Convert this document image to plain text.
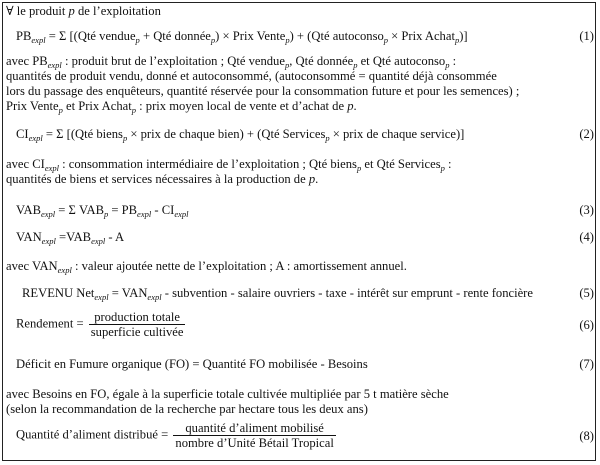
∀ le produit p de l’exploitation
$PB_{expl} = \Sigma$ [(Qté vendue$_p$ + Qté donnée$_p$) × Prix Vente$_p$) + (Qté autoconso$_p$ × Prix Achat$_p$)]	(1)
avec $PB_{expl}$ : produit brut de l’exploitation ; Qté vendue$_p$, Qté donnée$_p$ et Qté autoconso$_p$ :
quantités de produit vendu, donné et autoconsommé, (autoconsommé = quantité déjà consommée
lors du passage des enquêteurs, quantité réservée pour la consommation future et pour les semences) ;
Prix Vente$_p$ et Prix Achat$_p$ : prix moyen local de vente et d’achat de p.
$CI_{expl} = \Sigma$ [(Qté biens$_p$ × prix de chaque bien) + (Qté Services$_p$ × prix de chaque service)]	(2)
avec $CI_{expl}$ : consommation intermédiaire de l’exploitation ; Qté biens$_p$ et Qté Services$_p$ :
quantités de biens et services nécessaires à la production de p.
$VAB_{expl} = \Sigma$ $VAB_p = PB_{expl} - CI_{expl}$	(3)
$VAN_{expl} =VAB_{expl} - A$	(4)
avec $VAN_{expl}$ : valeur ajoutée nette de l’exploitation ; A : amortissement annuel.
REVENU $Net_{expl} = VAN_{expl}$ - subvention - salaire ouvriers - taxe - intérêt sur emprunt - rente foncière	(5)
Rendement = $\frac{\text{production totale}}{\text{superficie cultivée}}$	(6)
Déficit en Fumure organique (FO) = Quantité FO mobilisée - Besoins	(7)
avec Besoins en FO, égale à la superficie totale cultivée multipliée par 5 t matière sèche
(selon la recommandation de la recherche par hectare tous les deux ans)
Quantité d’aliment distribué = $\frac{\text{quantité d’aliment mobilisé}}{\text{nombre d’Unité Bétail Tropical}}$	(8)
